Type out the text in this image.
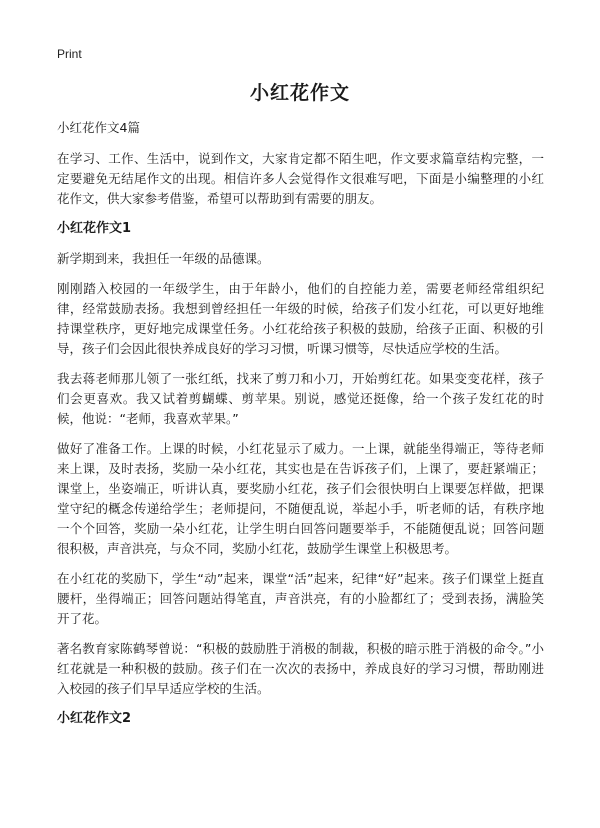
Print
小红花作文

小红花作文4篇

在学习、工作、生活中，说到作文，大家肯定都不陌生吧，作文要求篇章结构完整，一定要避免无结尾作文的出现。相信许多人会觉得作文很难写吧，下面是小编整理的小红花作文，供大家参考借鉴，希望可以帮助到有需要的朋友。

小红花作文1

新学期到来，我担任一年级的品德课。

刚刚踏入校园的一年级学生，由于年龄小，他们的自控能力差，需要老师经常组织纪律，经常鼓励表扬。我想到曾经担任一年级的时候，给孩子们发小红花，可以更好地维持课堂秩序，更好地完成课堂任务。小红花给孩子积极的鼓励，给孩子正面、积极的引导，孩子们会因此很快养成良好的学习习惯，听课习惯等，尽快适应学校的生活。

我去蒋老师那儿领了一张红纸，找来了剪刀和小刀，开始剪红花。如果变变花样，孩子们会更喜欢。我又试着剪蝴蝶、剪苹果。别说，感觉还挺像，给一个孩子发红花的时候，他说：“老师，我喜欢苹果。”

做好了准备工作。上课的时候，小红花显示了威力。一上课，就能坐得端正，等待老师来上课，及时表扬，奖励一朵小红花，其实也是在告诉孩子们，上课了，要赶紧端正；课堂上，坐姿端正，听讲认真，要奖励小红花，孩子们会很快明白上课要怎样做，把课堂守纪的概念传递给学生；老师提问，不随便乱说，举起小手，听老师的话，有秩序地一个个回答，奖励一朵小红花，让学生明白回答问题要举手，不能随便乱说；回答问题很积极，声音洪亮，与众不同，奖励小红花，鼓励学生课堂上积极思考。

在小红花的奖励下，学生“动”起来，课堂“活”起来，纪律“好”起来。孩子们课堂上挺直腰杆，坐得端正；回答问题站得笔直，声音洪亮，有的小脸都红了；受到表扬，满脸笑开了花。

著名教育家陈鹤琴曾说：“积极的鼓励胜于消极的制裁，积极的暗示胜于消极的命令。”小红花就是一种积极的鼓励。孩子们在一次次的表扬中，养成良好的学习习惯，帮助刚进入校园的孩子们早早适应学校的生活。

小红花作文2
